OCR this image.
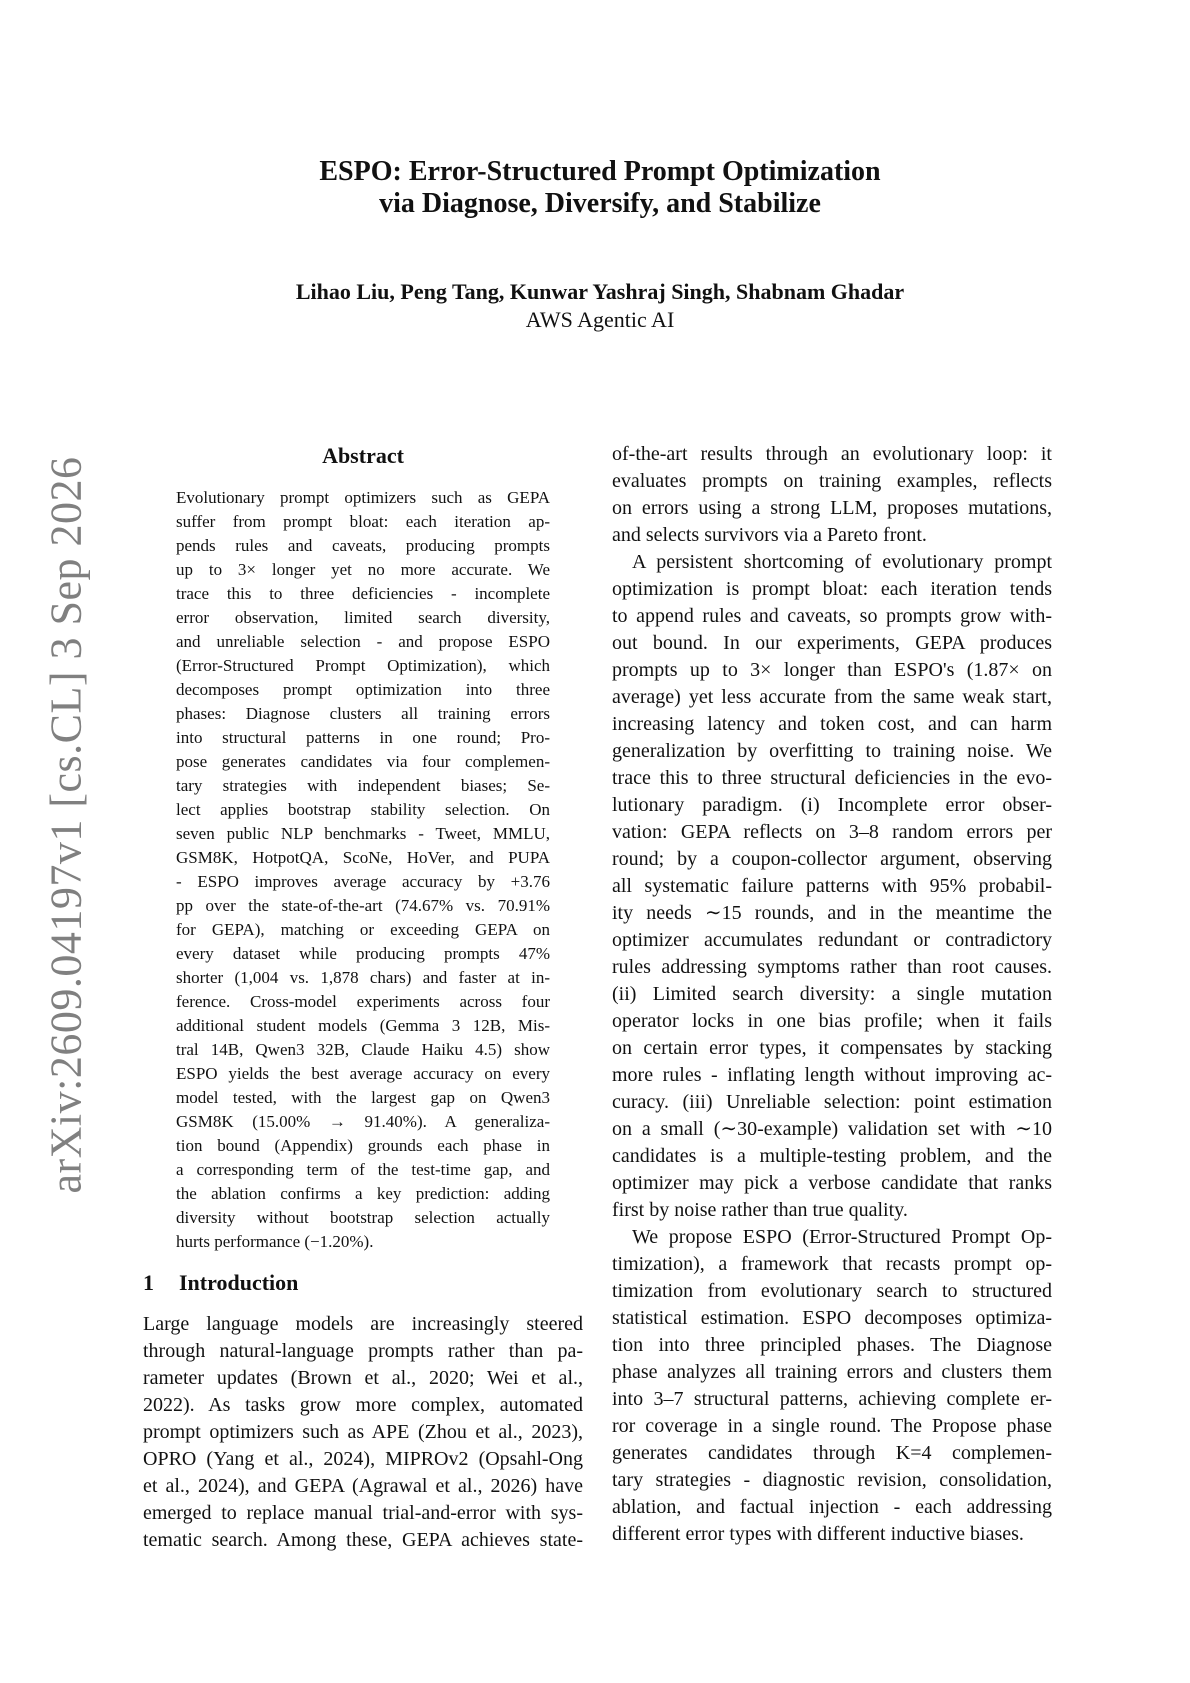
arXiv:2609.04197v1 [cs.CL] 3 Sep 2026
ESPO: Error-Structured Prompt Optimization
via Diagnose, Diversify, and Stabilize
Lihao Liu, Peng Tang, Kunwar Yashraj Singh, Shabnam Ghadar
AWS Agentic AI
Abstract
Evolutionary prompt optimizers such as GEPA
suffer from prompt bloat: each iteration ap-
pends rules and caveats, producing prompts
up to 3× longer yet no more accurate. We
trace this to three deficiencies - incomplete
error observation, limited search diversity,
and unreliable selection - and propose ESPO
(Error-Structured Prompt Optimization), which
decomposes prompt optimization into three
phases: Diagnose clusters all training errors
into structural patterns in one round; Pro-
pose generates candidates via four complemen-
tary strategies with independent biases; Se-
lect applies bootstrap stability selection. On
seven public NLP benchmarks - Tweet, MMLU,
GSM8K, HotpotQA, ScoNe, HoVer, and PUPA
- ESPO improves average accuracy by +3.76
pp over the state-of-the-art (74.67% vs. 70.91%
for GEPA), matching or exceeding GEPA on
every dataset while producing prompts 47%
shorter (1,004 vs. 1,878 chars) and faster at in-
ference. Cross-model experiments across four
additional student models (Gemma 3 12B, Mis-
tral 14B, Qwen3 32B, Claude Haiku 4.5) show
ESPO yields the best average accuracy on every
model tested, with the largest gap on Qwen3
GSM8K (15.00% → 91.40%). A generaliza-
tion bound (Appendix) grounds each phase in
a corresponding term of the test-time gap, and
the ablation confirms a key prediction: adding
diversity without bootstrap selection actually
hurts performance (−1.20%).
1 Introduction
Large language models are increasingly steered
through natural-language prompts rather than pa-
rameter updates (Brown et al., 2020; Wei et al.,
2022). As tasks grow more complex, automated
prompt optimizers such as APE (Zhou et al., 2023),
OPRO (Yang et al., 2024), MIPROv2 (Opsahl-Ong
et al., 2024), and GEPA (Agrawal et al., 2026) have
emerged to replace manual trial-and-error with sys-
tematic search. Among these, GEPA achieves state-
of-the-art results through an evolutionary loop: it
evaluates prompts on training examples, reflects
on errors using a strong LLM, proposes mutations,
and selects survivors via a Pareto front.
A persistent shortcoming of evolutionary prompt
optimization is prompt bloat: each iteration tends
to append rules and caveats, so prompts grow with-
out bound. In our experiments, GEPA produces
prompts up to 3× longer than ESPO's (1.87× on
average) yet less accurate from the same weak start,
increasing latency and token cost, and can harm
generalization by overfitting to training noise. We
trace this to three structural deficiencies in the evo-
lutionary paradigm. (i) Incomplete error obser-
vation: GEPA reflects on 3–8 random errors per
round; by a coupon-collector argument, observing
all systematic failure patterns with 95% probabil-
ity needs ∼15 rounds, and in the meantime the
optimizer accumulates redundant or contradictory
rules addressing symptoms rather than root causes.
(ii) Limited search diversity: a single mutation
operator locks in one bias profile; when it fails
on certain error types, it compensates by stacking
more rules - inflating length without improving ac-
curacy. (iii) Unreliable selection: point estimation
on a small (∼30-example) validation set with ∼10
candidates is a multiple-testing problem, and the
optimizer may pick a verbose candidate that ranks
first by noise rather than true quality.
We propose ESPO (Error-Structured Prompt Op-
timization), a framework that recasts prompt op-
timization from evolutionary search to structured
statistical estimation. ESPO decomposes optimiza-
tion into three principled phases. The Diagnose
phase analyzes all training errors and clusters them
into 3–7 structural patterns, achieving complete er-
ror coverage in a single round. The Propose phase
generates candidates through K=4 complemen-
tary strategies - diagnostic revision, consolidation,
ablation, and factual injection - each addressing
different error types with different inductive biases.
